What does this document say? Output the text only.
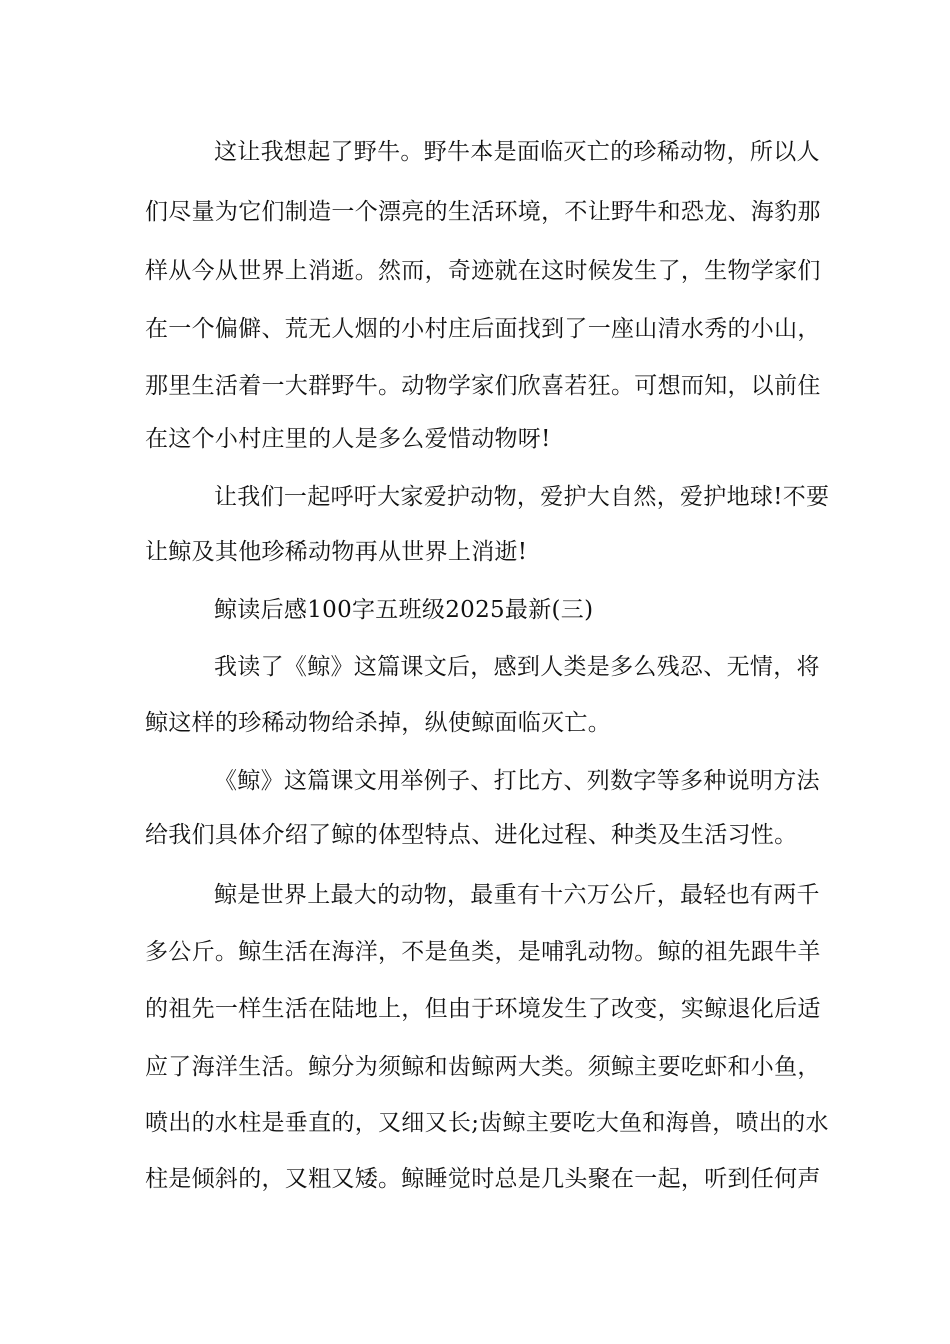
这让我想起了野牛。野牛本是面临灭亡的珍稀动物，所以人
们尽量为它们制造一个漂亮的生活环境，不让野牛和恐龙、海豹那
样从今从世界上消逝。然而，奇迹就在这时候发生了，生物学家们
在一个偏僻、荒无人烟的小村庄后面找到了一座山清水秀的小山，
那里生活着一大群野牛。动物学家们欣喜若狂。可想而知，以前住
在这个小村庄里的人是多么爱惜动物呀!
让我们一起呼吁大家爱护动物，爱护大自然，爱护地球!不要
让鲸及其他珍稀动物再从世界上消逝!
鲸读后感100字五班级2025最新(三)
我读了《鲸》这篇课文后，感到人类是多么残忍、无情，将
鲸这样的珍稀动物给杀掉，纵使鲸面临灭亡。
《鲸》这篇课文用举例子、打比方、列数字等多种说明方法
给我们具体介绍了鲸的体型特点、进化过程、种类及生活习性。
鲸是世界上最大的动物，最重有十六万公斤，最轻也有两千
多公斤。鲸生活在海洋，不是鱼类，是哺乳动物。鲸的祖先跟牛羊
的祖先一样生活在陆地上，但由于环境发生了改变，实鲸退化后适
应了海洋生活。鲸分为须鲸和齿鲸两大类。须鲸主要吃虾和小鱼，
喷出的水柱是垂直的，又细又长;齿鲸主要吃大鱼和海兽，喷出的水
柱是倾斜的，又粗又矮。鲸睡觉时总是几头聚在一起，听到任何声
